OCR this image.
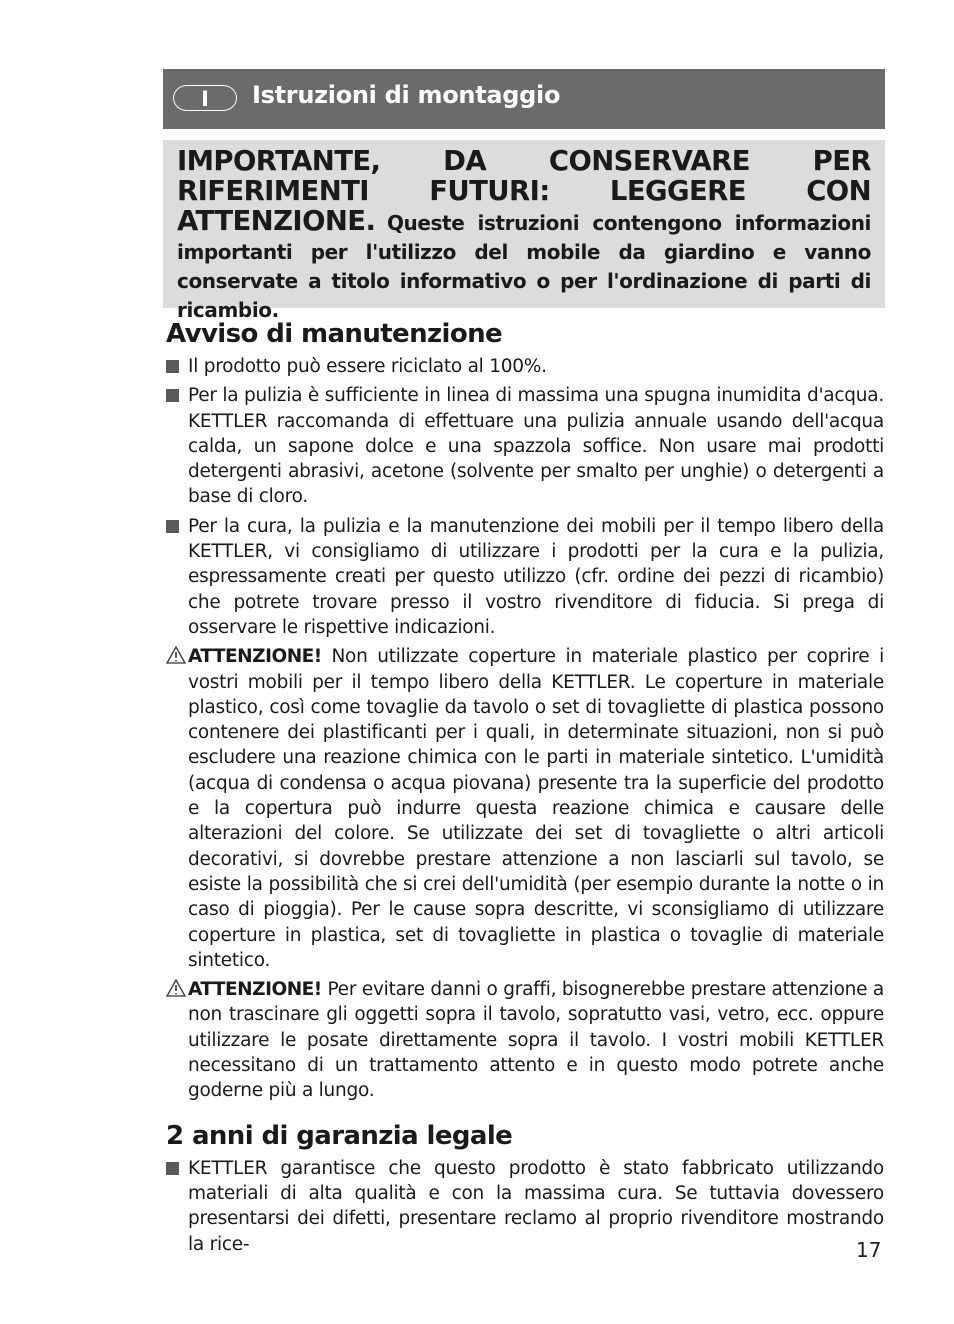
I	Istruzioni di montaggio
IMPORTANTE, DA CONSERVARE PER RIFERIMENTI FUTURI: LEGGERE CON ATTENZIONE. Queste istruzioni contengono informazioni importanti per l'utilizzo del mobile da giardino e vanno conservate a titolo informativo o per l'ordinazione di parti di ricambio.
Avviso di manutenzione
Il prodotto può essere riciclato al 100%.
Per la pulizia è sufficiente in linea di massima una spugna inumidita d'acqua. KETTLER raccomanda di effettuare una pulizia annuale usando dell'acqua calda, un sapone dolce e una spazzola soffice. Non usare mai prodotti detergenti abrasivi, acetone (solvente per smalto per unghie) o detergenti a base di cloro.
Per la cura, la pulizia e la manutenzione dei mobili per il tempo libero della KETTLER, vi consigliamo di utilizzare i prodotti per la cura e la pulizia, espressamente creati per questo utilizzo (cfr. ordine dei pezzi di ricambio) che potrete trovare presso il vostro rivenditore di fiducia. Si prega di osservare le rispettive indicazioni.
ATTENZIONE! Non utilizzate coperture in materiale plastico per coprire i vostri mobili per il tempo libero della KETTLER. Le coperture in materiale plastico, così come tovaglie da tavolo o set di tovagliette di plastica possono contenere dei plastificanti per i quali, in determinate situazioni, non si può escludere una reazione chimica con le parti in materiale sintetico. L'umidità (acqua di condensa o acqua piovana) presente tra la superficie del prodotto e la copertura può indurre questa reazione chimica e causare delle alterazioni del colore. Se utilizzate dei set di tovagliette o altri articoli decorativi, si dovrebbe prestare attenzione a non lasciarli sul tavolo, se esiste la possibilità che si crei dell'umidità (per esempio durante la notte o in caso di pioggia). Per le cause sopra descritte, vi sconsigliamo di utilizzare coperture in plastica, set di tovagliette in plastica o tovaglie di materiale sintetico.
ATTENZIONE! Per evitare danni o graffi, bisognerebbe prestare attenzione a non trascinare gli oggetti sopra il tavolo, sopratutto vasi, vetro, ecc. oppure utilizzare le posate direttamente sopra il tavolo. I vostri mobili KETTLER necessitano di un trattamento attento e in questo modo potrete anche goderne più a lungo.
2 anni di garanzia legale
KETTLER garantisce che questo prodotto è stato fabbricato utilizzando materiali di alta qualità e con la massima cura. Se tuttavia dovessero presentarsi dei difetti, presentare reclamo al proprio rivenditore mostrando la rice-	17
